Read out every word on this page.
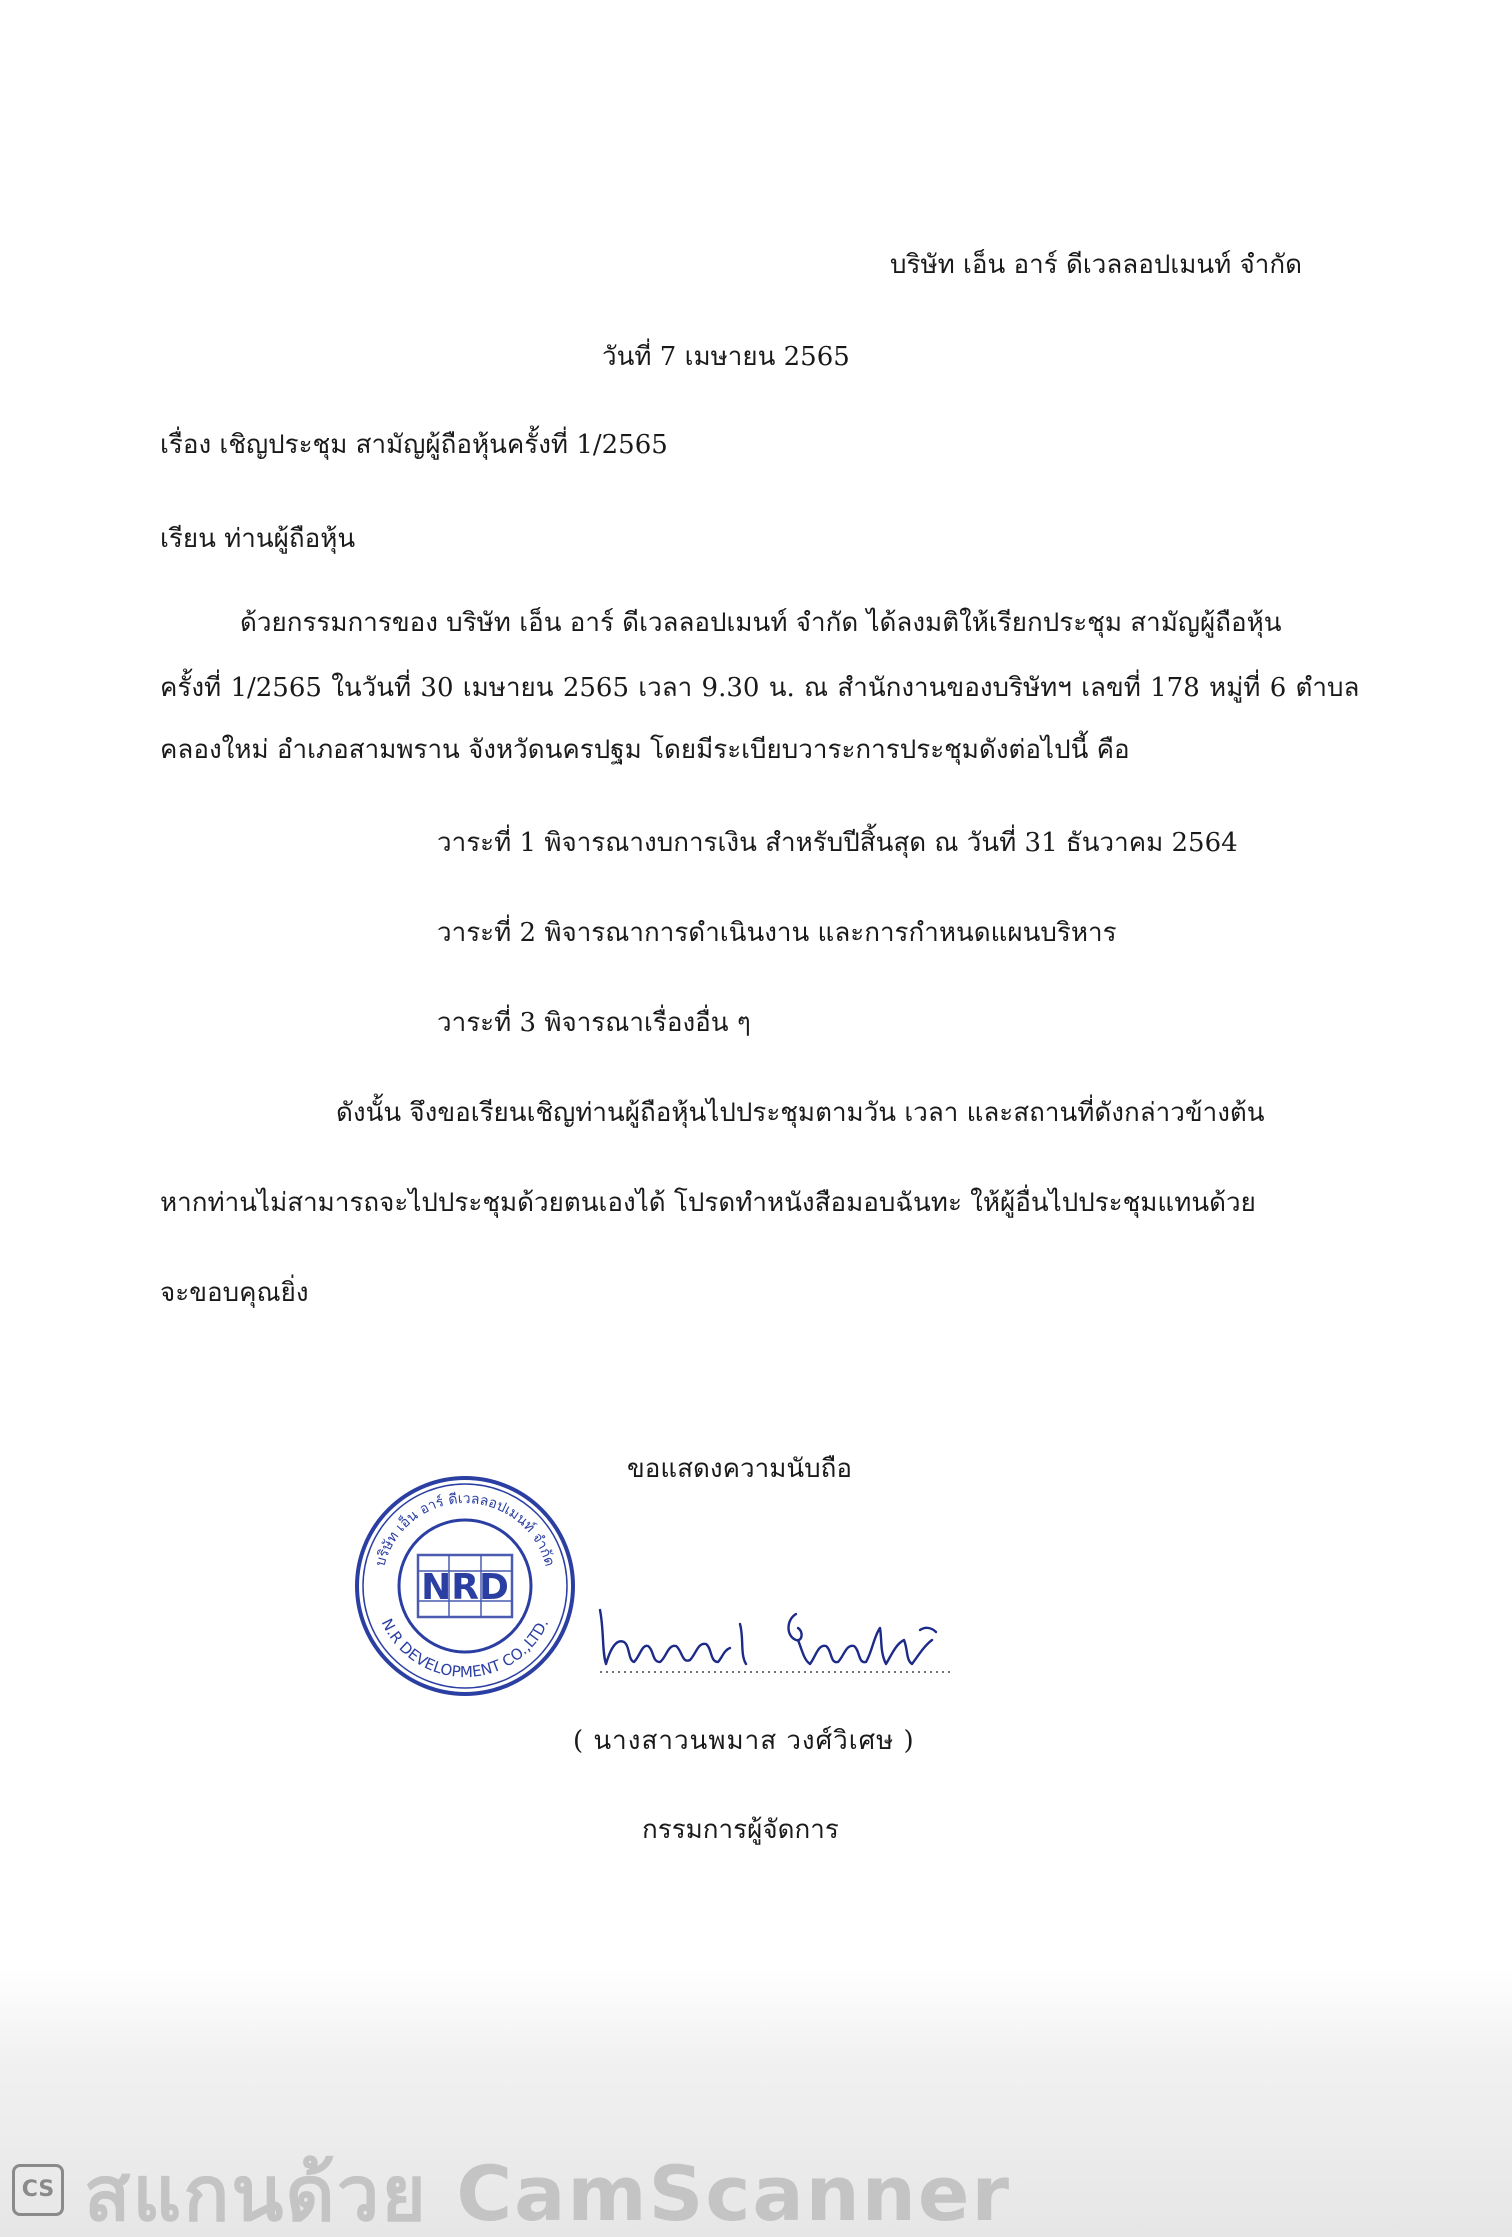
บริษัท เอ็น อาร์ ดีเวลลอปเมนท์ จำกัด
วันที่ 7 เมษายน 2565
เรื่อง เชิญประชุม สามัญผู้ถือหุ้นครั้งที่ 1/2565
เรียน ท่านผู้ถือหุ้น
ด้วยกรรมการของ บริษัท เอ็น อาร์ ดีเวลลอปเมนท์ จำกัด ได้ลงมติให้เรียกประชุม สามัญผู้ถือหุ้น
ครั้งที่ 1/2565 ในวันที่ 30 เมษายน 2565 เวลา 9.30 น. ณ สำนักงานของบริษัทฯ เลขที่ 178 หมู่ที่ 6 ตำบล
คลองใหม่ อำเภอสามพราน จังหวัดนครปฐม โดยมีระเบียบวาระการประชุมดังต่อไปนี้ คือ
วาระที่ 1 พิจารณางบการเงิน สำหรับปีสิ้นสุด ณ วันที่ 31 ธันวาคม 2564
วาระที่ 2 พิจารณาการดำเนินงาน และการกำหนดแผนบริหาร
วาระที่ 3 พิจารณาเรื่องอื่น ๆ
ดังนั้น จึงขอเรียนเชิญท่านผู้ถือหุ้นไปประชุมตามวัน เวลา และสถานที่ดังกล่าวข้างต้น
หากท่านไม่สามารถจะไปประชุมด้วยตนเองได้ โปรดทำหนังสือมอบฉันทะ ให้ผู้อื่นไปประชุมแทนด้วย
จะขอบคุณยิ่ง
ขอแสดงความนับถือ
NRD
บริษัท เอ็น อาร์ ดีเวลลอปเมนท์ จำกัด
N.R DEVELOPMENT CO.,LTD.
( นางสาวนพมาส วงศ์วิเศษ )
กรรมการผู้จัดการ
CS สแกนด้วย CamScanner
